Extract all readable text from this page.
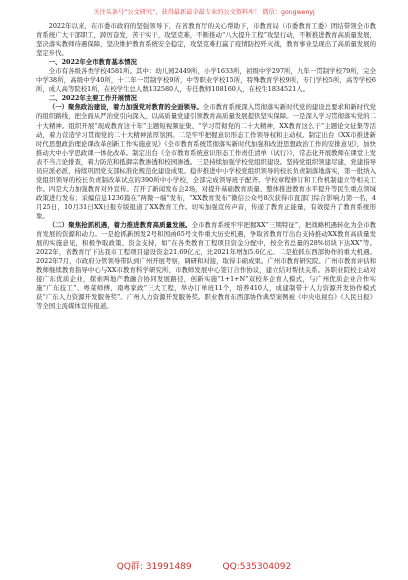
关注头条号“公文研究”，获得最新最全最专业的公文资料库！ 微信：gongwenyj

2022年以来，在市委市政府的坚强领导下，在省教育厅的关心帮助下，市教育局（市委教育工委）团结带领全市教育系统广大干部职工，踔厉奋发，苦干实干，攻坚克难，不断推动“八大提升工程”攻坚行动，不断推进教育高质量发展，坚决落实教师待遇保障，坚决维护教育系统安全稳定，攻坚克难打赢了疫情防控歼灭战，教育事业呈现出了高质量发展的坚定步伐。

一、2022年全市教育基本情况

全市有各级各类学校4581所。其中：幼儿园2449所，小学1633所，初级中学297所，九年一贯制学校79所，完全中学38所，高级中学40所，十二年一贯制学校9所，中等职业学校15所，特殊教育学校9所，专门学校5所，高等学校6所，成人高等院校1所，在校学生总人数132580人，专任教师108160人，在校生1834521人。

二、2022年主要工作开展情况

（一）聚焦政治建设，着力加强党对教育的全面领导。全市教育系统深入贯彻落实新时代党的建设总要求和新时代党的组织路线，把全面从严治党引向深入，以高质量党建引领教育高质量发展提供坚实保障。一是深入学习贯彻落实党的二十大精神。组织开展“现成教育这十年”主题短视频征集、“学习贯彻党的二十大精神，XX教育这么干”主题论文征集等活动，着力营造学习贯彻党的二十大精神浓厚氛围。二是牢牢把握意识形态工作领导权和主动权。制定出台《XX市推进新时代思想政治理论课改革创新工作实施意见》《全市教育系统贯彻落实新时代加强和改进思想政治工作的安排意见》，加快推动大中小学思政课一体化改革。制定出台《全市教育系统意识形态工作责任清单（试行）》，常态化开展教师在课堂上发表不当言论排查，着力防范和抵御宗教渗透和校园渗透。三是持续加强学校党组织建设。坚持党组织领建尽建，党建指导员应派必派，持续巩固党支部标准化规范化建设成果。稳步推进中小学校党组织领导的校长负责制落地落实，第一批纳入党组织领导的校长负责制改革试点的390所中小学校，全部完成领导班子配齐。学校章程修订和工作机制建立等相关工作。四是大力加强教育对外宣传。召开了新闻发布会2场，对提升基础教育质量、整体推进教育水平提升等民生重点领域政策进行发布；采编信息1236篇在“两微一端”发布，“XX教育发布”微信公众号8次获得市直部门综合影响力第一名，4月25日，10月31日XX日报专版报道了XX教育工作。切实加强宣传声音，传递了教育正能量，有效提升了教育系统形象。

（二）聚焦抢抓机遇，着力推进教育高质量发展。全市教育系统牢牢把握XX“三期特征”，把战略机遇转化为全市教育发展的资源和动力。一是抢抓新国发2号和国函65号文件重大历史机遇，争取省教育厅出台支持推动XX教育高质量发展的实施意见，积极争取政策、资金支持，如“在各类教育工程项目资金分配中，按全省总量的28%切块下达XX”等。2022年，省教育厅下达我市工程项目建设资金21.69亿元，比2021年增加5.6亿元。二是抢抓东西部协作的重大机遇。2022年7月，市政府分管领导带队到广州开展考察，调研和对接，取得丰硕成果。广州市教育研究院、广州市教育评估和教师继续教育指导中心与XX市教育科学研究所、市教师发展中心签订合作协议，建立结对帮扶关系。各职业院校主动对接广东优质企业，探索两地产教融合协同发展路径，创新实施“1+1+N”双校多企育人模式，与广州优质企业合作实施“广东技工”、粤菜师傅、南粤家政”三大工程，举办订单班11个，培养410人，成建制带十人力资源开发协作模式获“广东人力资源开发服务奖”。广州人力资源开发服务奖。职业教育东西部协作典型案例被《中央电视台》《人民日报》等全国主流媒体宣传报道。

QQ群: 31991489	QQ:535304092
